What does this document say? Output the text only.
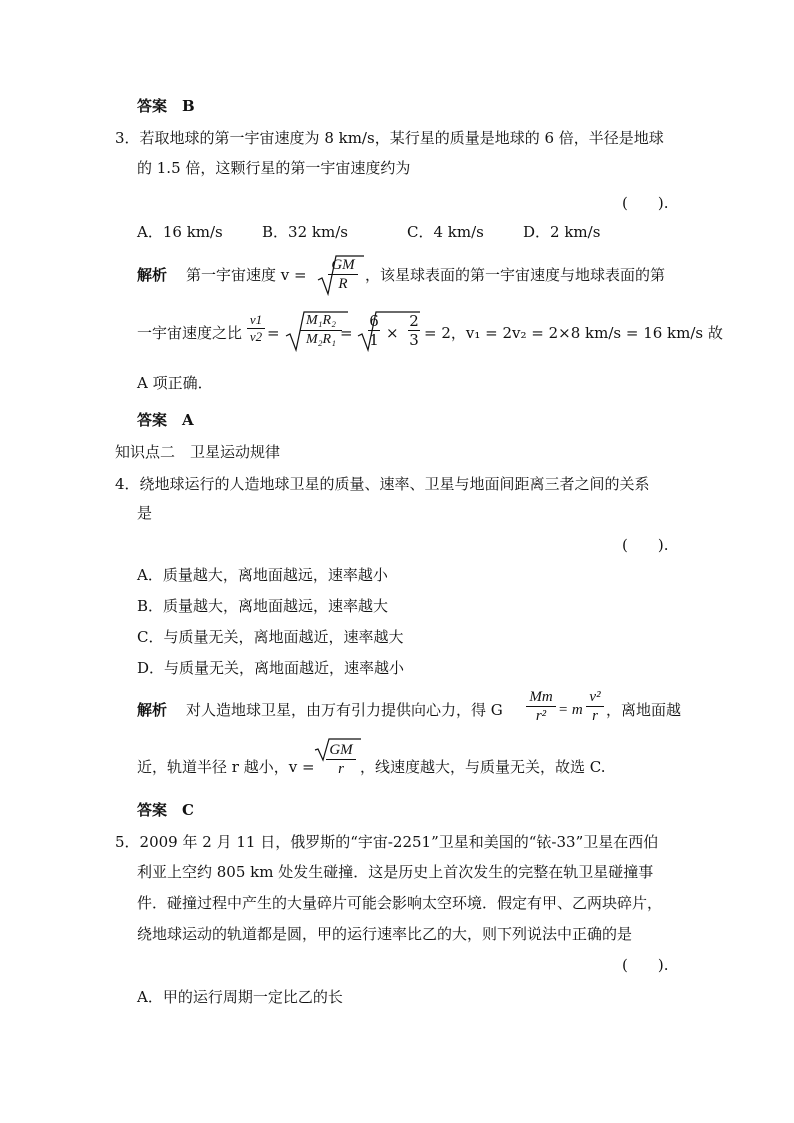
答案　B
3．若取地球的第一宇宙速度为 8 km/s，某行星的质量是地球的 6 倍，半径是地球
的 1.5 倍，这颗行星的第一宇宙速度约为
(　　).
A．16 km/s	B．32 km/s	C．4 km/s	D．2 km/s
解析 第一宇宙速度 v =
GM
R ，该星球表面的第一宇宙速度与地球表面的第
一宇宙速度之比
v1
v2 =
M₁R₂
M₂R₁ =
6
1 ×
2
3 = 2，v₁ = 2v₂ = 2×8 km/s = 16 km/s 故
A 项正确．
答案　A
知识点二　卫星运动规律
4．绕地球运行的人造地球卫星的质量、速率、卫星与地面间距离三者之间的关系
是
(　　).
A．质量越大，离地面越远，速率越小
B．质量越大，离地面越远，速率越大
C．与质量无关，离地面越近，速率越大
D．与质量无关，离地面越近，速率越小
解析 对人造地球卫星，由万有引力提供向心力，得 G
Mm
r² = m
v²
r ，离地面越
近，轨道半径 r 越小，v =
GM
r ，线速度越大，与质量无关，故选 C.
答案　C
5．2009 年 2 月 11 日，俄罗斯的“宇宙-2251”卫星和美国的“铱-33”卫星在西伯
利亚上空约 805 km 处发生碰撞．这是历史上首次发生的完整在轨卫星碰撞事
件．碰撞过程中产生的大量碎片可能会影响太空环境．假定有甲、乙两块碎片，
绕地球运动的轨道都是圆，甲的运行速率比乙的大，则下列说法中正确的是
(　　).
A．甲的运行周期一定比乙的长
